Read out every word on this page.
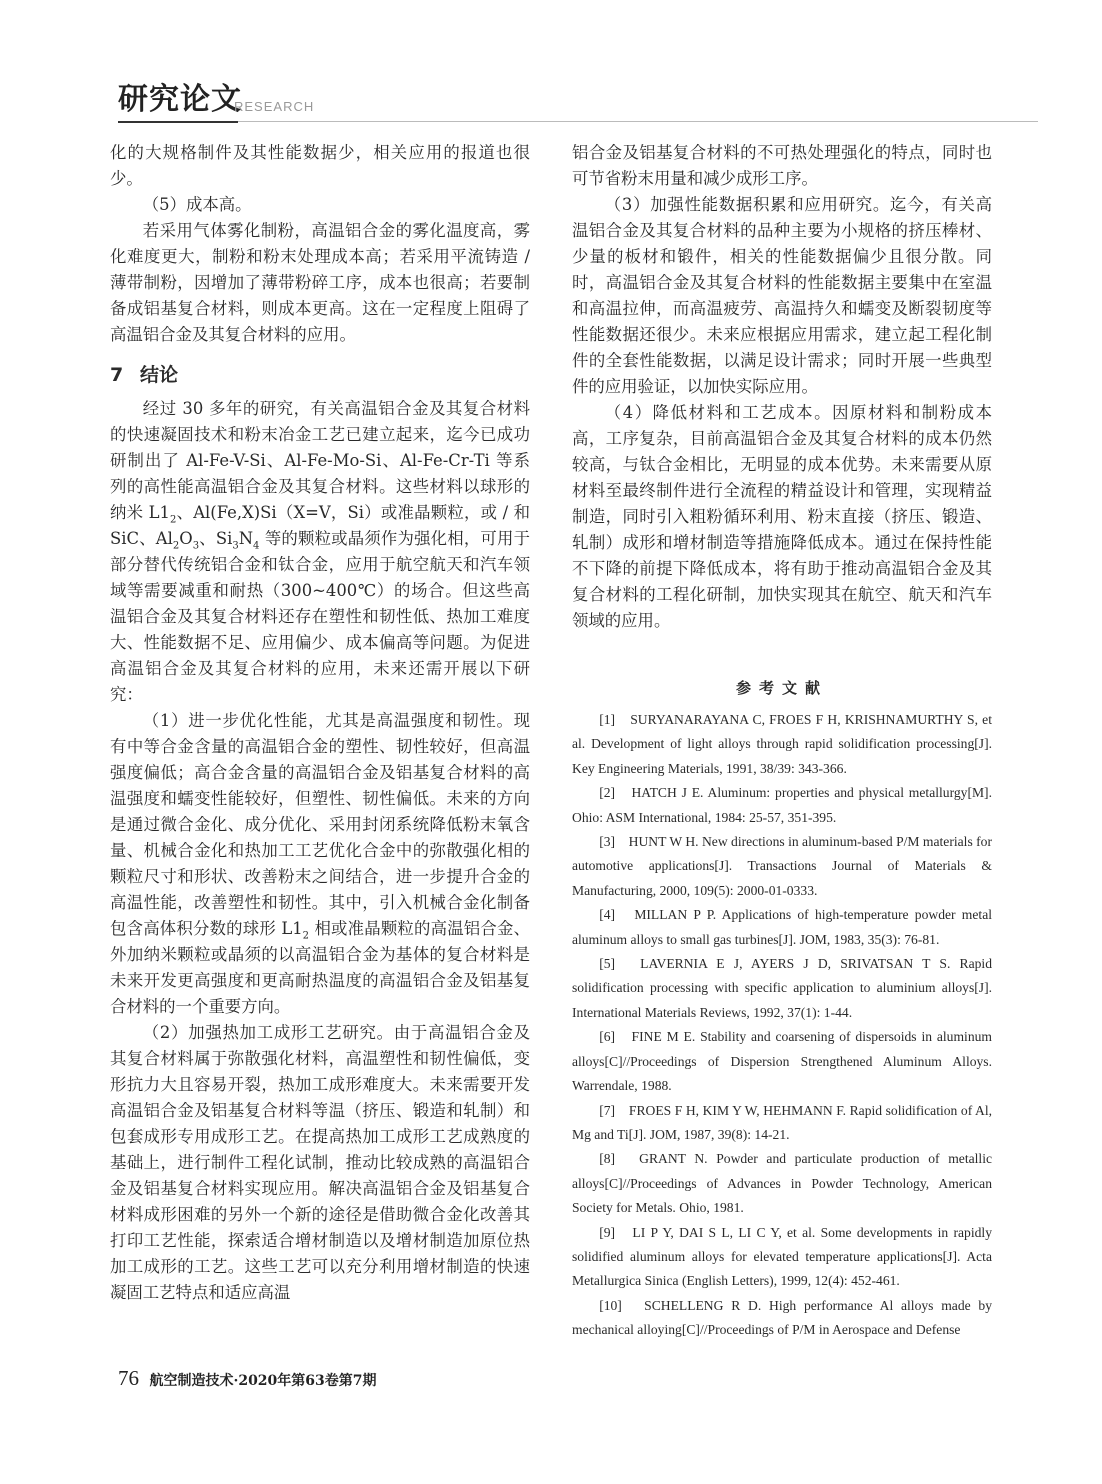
研究论文
RESEARCH

化的大规格制件及其性能数据少，相关应用的报道也很少。

（5）成本高。

若采用气体雾化制粉，高温铝合金的雾化温度高，雾化难度更大，制粉和粉末处理成本高；若采用平流铸造 / 薄带制粉，因增加了薄带粉碎工序，成本也很高；若要制备成铝基复合材料，则成本更高。这在一定程度上阻碍了高温铝合金及其复合材料的应用。

7 结论

经过 30 多年的研究，有关高温铝合金及其复合材料的快速凝固技术和粉末冶金工艺已建立起来，迄今已成功研制出了 Al-Fe-V-Si、Al-Fe-Mo-Si、Al-Fe-Cr-Ti 等系列的高性能高温铝合金及其复合材料。这些材料以球形的纳米 $L1_2$、Al(Fe,X)Si（X=V，Si）或准晶颗粒，或 / 和 SiC、$Al_2O_3$、$Si_3N_4$ 等的颗粒或晶须作为强化相，可用于部分替代传统铝合金和钛合金，应用于航空航天和汽车领域等需要减重和耐热（300~400℃）的场合。但这些高温铝合金及其复合材料还存在塑性和韧性低、热加工难度大、性能数据不足、应用偏少、成本偏高等问题。为促进高温铝合金及其复合材料的应用，未来还需开展以下研究：

（1）进一步优化性能，尤其是高温强度和韧性。现有中等合金含量的高温铝合金的塑性、韧性较好，但高温强度偏低；高合金含量的高温铝合金及铝基复合材料的高温强度和蠕变性能较好，但塑性、韧性偏低。未来的方向是通过微合金化、成分优化、采用封闭系统降低粉末氧含量、机械合金化和热加工工艺优化合金中的弥散强化相的颗粒尺寸和形状、改善粉末之间结合，进一步提升合金的高温性能，改善塑性和韧性。其中，引入机械合金化制备包含高体积分数的球形 $L1_2$ 相或准晶颗粒的高温铝合金、外加纳米颗粒或晶须的以高温铝合金为基体的复合材料是未来开发更高强度和更高耐热温度的高温铝合金及铝基复合材料的一个重要方向。

（2）加强热加工成形工艺研究。由于高温铝合金及其复合材料属于弥散强化材料，高温塑性和韧性偏低，变形抗力大且容易开裂，热加工成形难度大。未来需要开发高温铝合金及铝基复合材料等温（挤压、锻造和轧制）和包套成形专用成形工艺。在提高热加工成形工艺成熟度的基础上，进行制件工程化试制，推动比较成熟的高温铝合金及铝基复合材料实现应用。解决高温铝合金及铝基复合材料成形困难的另外一个新的途径是借助微合金化改善其打印工艺性能，探索适合增材制造以及增材制造加原位热加工成形的工艺。这些工艺可以充分利用增材制造的快速凝固工艺特点和适应高温

铝合金及铝基复合材料的不可热处理强化的特点，同时也可节省粉末用量和减少成形工序。

（3）加强性能数据积累和应用研究。迄今，有关高温铝合金及其复合材料的品种主要为小规格的挤压棒材、少量的板材和锻件，相关的性能数据偏少且很分散。同时，高温铝合金及其复合材料的性能数据主要集中在室温和高温拉伸，而高温疲劳、高温持久和蠕变及断裂韧度等性能数据还很少。未来应根据应用需求，建立起工程化制件的全套性能数据，以满足设计需求；同时开展一些典型件的应用验证，以加快实际应用。

（4）降低材料和工艺成本。因原材料和制粉成本高，工序复杂，目前高温铝合金及其复合材料的成本仍然较高，与钛合金相比，无明显的成本优势。未来需要从原材料至最终制件进行全流程的精益设计和管理，实现精益制造，同时引入粗粉循环利用、粉末直接（挤压、锻造、轧制）成形和增材制造等措施降低成本。通过在保持性能不下降的前提下降低成本，将有助于推动高温铝合金及其复合材料的工程化研制，加快实现其在航空、航天和汽车领域的应用。

参考文献

[1]　SURYANARAYANA C, FROES F H, KRISHNAMURTHY S, et al. Development of light alloys through rapid solidification processing[J]. Key Engineering Materials, 1991, 38/39: 343-366.

[2]　HATCH J E. Aluminum: properties and physical metallurgy[M]. Ohio: ASM International, 1984: 25-57, 351-395.

[3]　HUNT W H. New directions in aluminum-based P/M materials for automotive applications[J]. Transactions Journal of Materials & Manufacturing, 2000, 109(5): 2000-01-0333.

[4]　MILLAN P P. Applications of high-temperature powder metal aluminum alloys to small gas turbines[J]. JOM, 1983, 35(3): 76-81.

[5]　LAVERNIA E J, AYERS J D, SRIVATSAN T S. Rapid solidification processing with specific application to aluminium alloys[J]. International Materials Reviews, 1992, 37(1): 1-44.

[6]　FINE M E. Stability and coarsening of dispersoids in aluminum alloys[C]//Proceedings of Dispersion Strengthened Aluminum Alloys. Warrendale, 1988.

[7]　FROES F H, KIM Y W, HEHMANN F. Rapid solidification of Al, Mg and Ti[J]. JOM, 1987, 39(8): 14-21.

[8]　GRANT N. Powder and particulate production of metallic alloys[C]//Proceedings of Advances in Powder Technology, American Society for Metals. Ohio, 1981.

[9]　LI P Y, DAI S L, LI C Y, et al. Some developments in rapidly solidified aluminum alloys for elevated temperature applications[J]. Acta Metallurgica Sinica (English Letters), 1999, 12(4): 452-461.

[10]　SCHELLENG R D. High performance Al alloys made by mechanical alloying[C]//Proceedings of P/M in Aerospace and Defense

76 航空制造技术·2020年第63卷第7期
